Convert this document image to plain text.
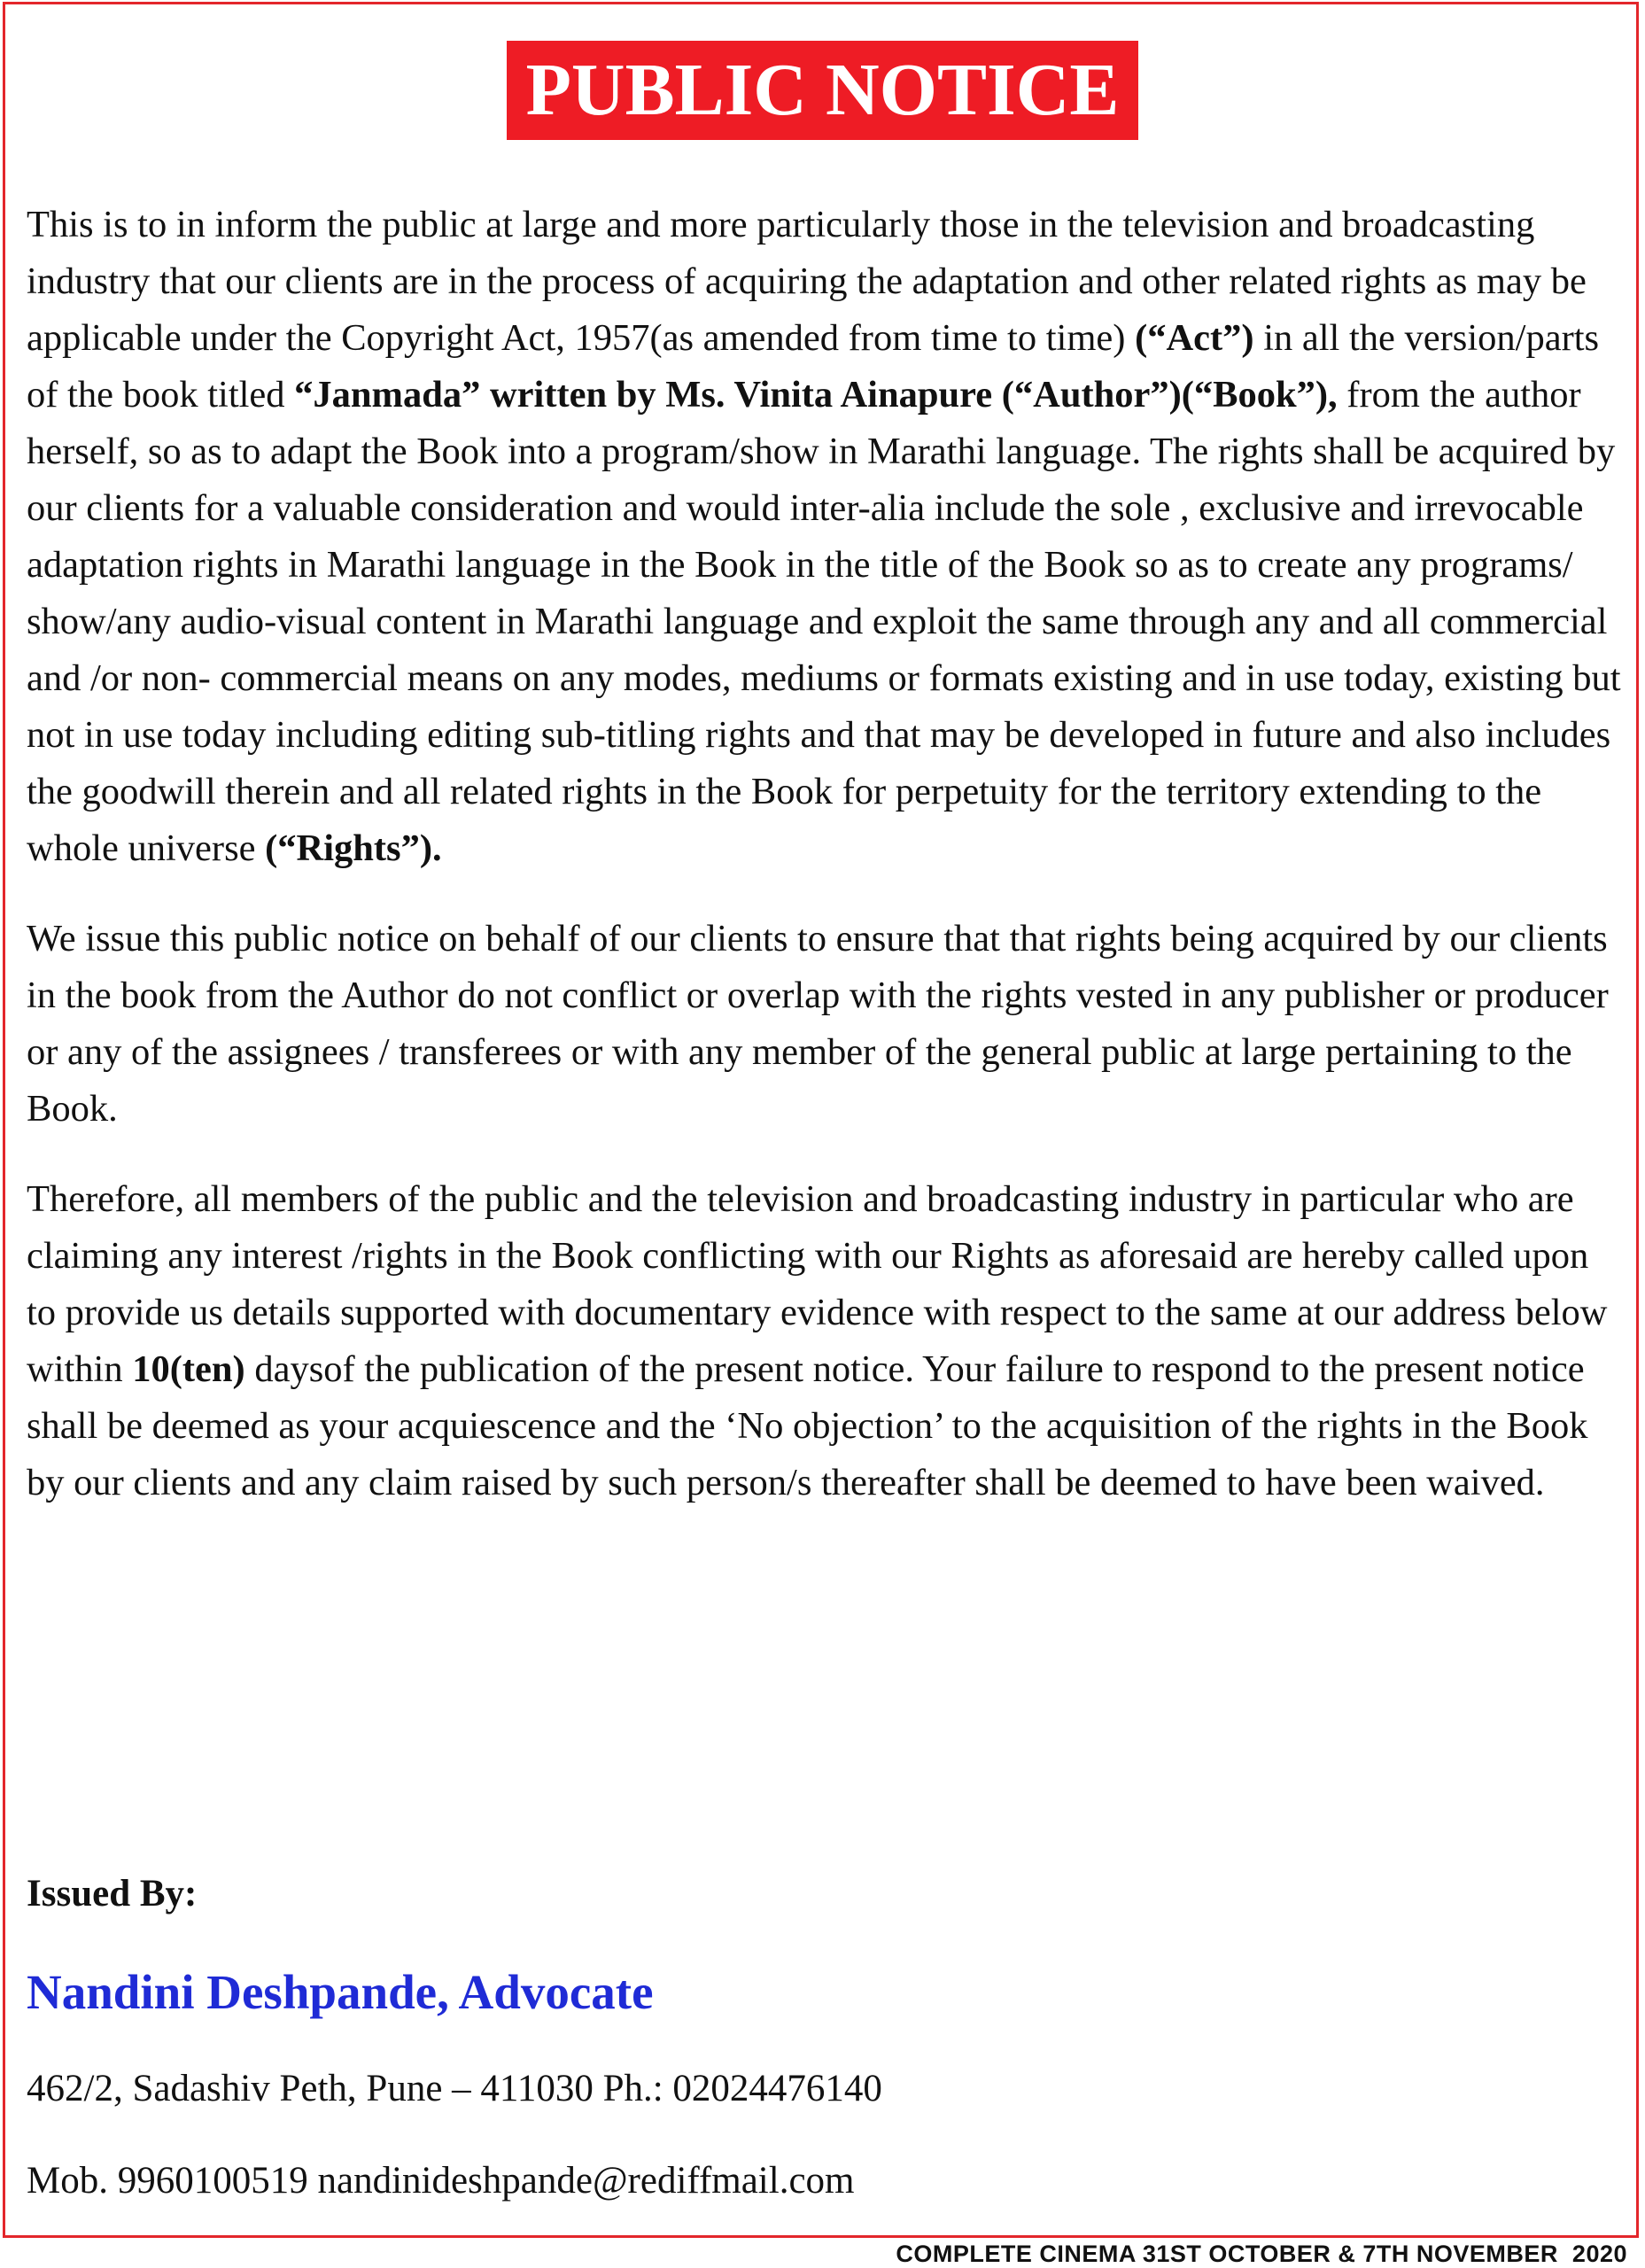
PUBLIC NOTICE

This is to in inform the public at large and more particularly those in the television and broadcasting industry that our clients are in the process of acquiring the adaptation and other related rights as may be applicable under the Copyright Act, 1957(as amended from time to time) (“Act”) in all the version/parts of the book titled “Janmada” written by Ms. Vinita Ainapure (“Author”)(“Book”), from the author herself, so as to adapt the Book into a program/show in Marathi language. The rights shall be acquired by our clients for a valuable consideration and would inter-alia include the sole , exclusive and irrevocable adaptation rights in Marathi language in the Book in the title of the Book so as to create any programs/ show/any audio-visual content in Marathi language and exploit the same through any and all commercial and /or non- commercial means on any modes, mediums or formats existing and in use today, existing but not in use today including editing sub-titling rights and that may be developed in future and also includes the goodwill therein and all related rights in the Book for perpetuity for the territory extending to the whole universe (“Rights”).

We issue this public notice on behalf of our clients to ensure that that rights being acquired by our clients in the book from the Author do not conflict or overlap with the rights vested in any publisher or producer or any of the assignees / transferees or with any member of the general public at large pertaining to the Book.

Therefore, all members of the public and the television and broadcasting industry in particular who are claiming any interest /rights in the Book conflicting with our Rights as aforesaid are hereby called upon to provide us details supported with documentary evidence with respect to the same at our address below within 10(ten) daysof the publication of the present notice. Your failure to respond to the present notice shall be deemed as your acquiescence and the ‘No objection’ to the acquisition of the rights in the Book by our clients and any claim raised by such person/s thereafter shall be deemed to have been waived.

Issued By:
Nandini Deshpande, Advocate
462/2, Sadashiv Peth, Pune – 411030 Ph.: 02024476140
Mob. 9960100519 nandinideshpande@rediffmail.com
COMPLETE CINEMA 31ST OCTOBER & 7TH NOVEMBER  2020
